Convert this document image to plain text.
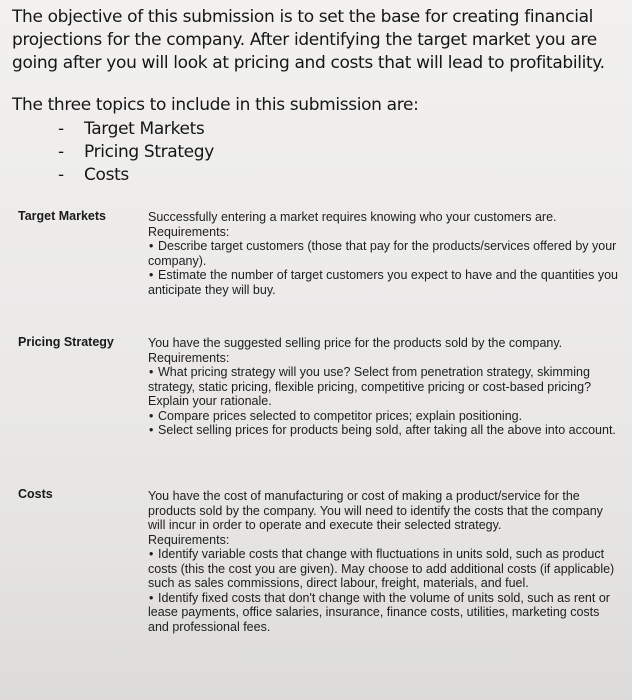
The objective of this submission is to set the base for creating financial projections for the company. After identifying the target market you are going after you will look at pricing and costs that will lead to profitability.
The three topics to include in this submission are:
- Target Markets
- Pricing Strategy
- Costs
Target Markets	Successfully entering a market requires knowing who your customers are.

Requirements:

• Describe target customers (those that pay for the products/services offered by your company).

• Estimate the number of target customers you expect to have and the quantities you anticipate they will buy.

Pricing Strategy	You have the suggested selling price for the products sold by the company.

Requirements:

• What pricing strategy will you use? Select from penetration strategy, skimming strategy, static pricing, flexible pricing, competitive pricing or cost-based pricing? Explain your rationale.

• Compare prices selected to competitor prices; explain positioning.

• Select selling prices for products being sold, after taking all the above into account.

Costs	You have the cost of manufacturing or cost of making a product/service for the products sold by the company. You will need to identify the costs that the company will incur in order to operate and execute their selected strategy.

Requirements:

• Identify variable costs that change with fluctuations in units sold, such as product costs (this the cost you are given). May choose to add additional costs (if applicable) such as sales commissions, direct labour, freight, materials, and fuel.

• Identify fixed costs that don't change with the volume of units sold, such as rent or lease payments, office salaries, insurance, finance costs, utilities, marketing costs and professional fees.
